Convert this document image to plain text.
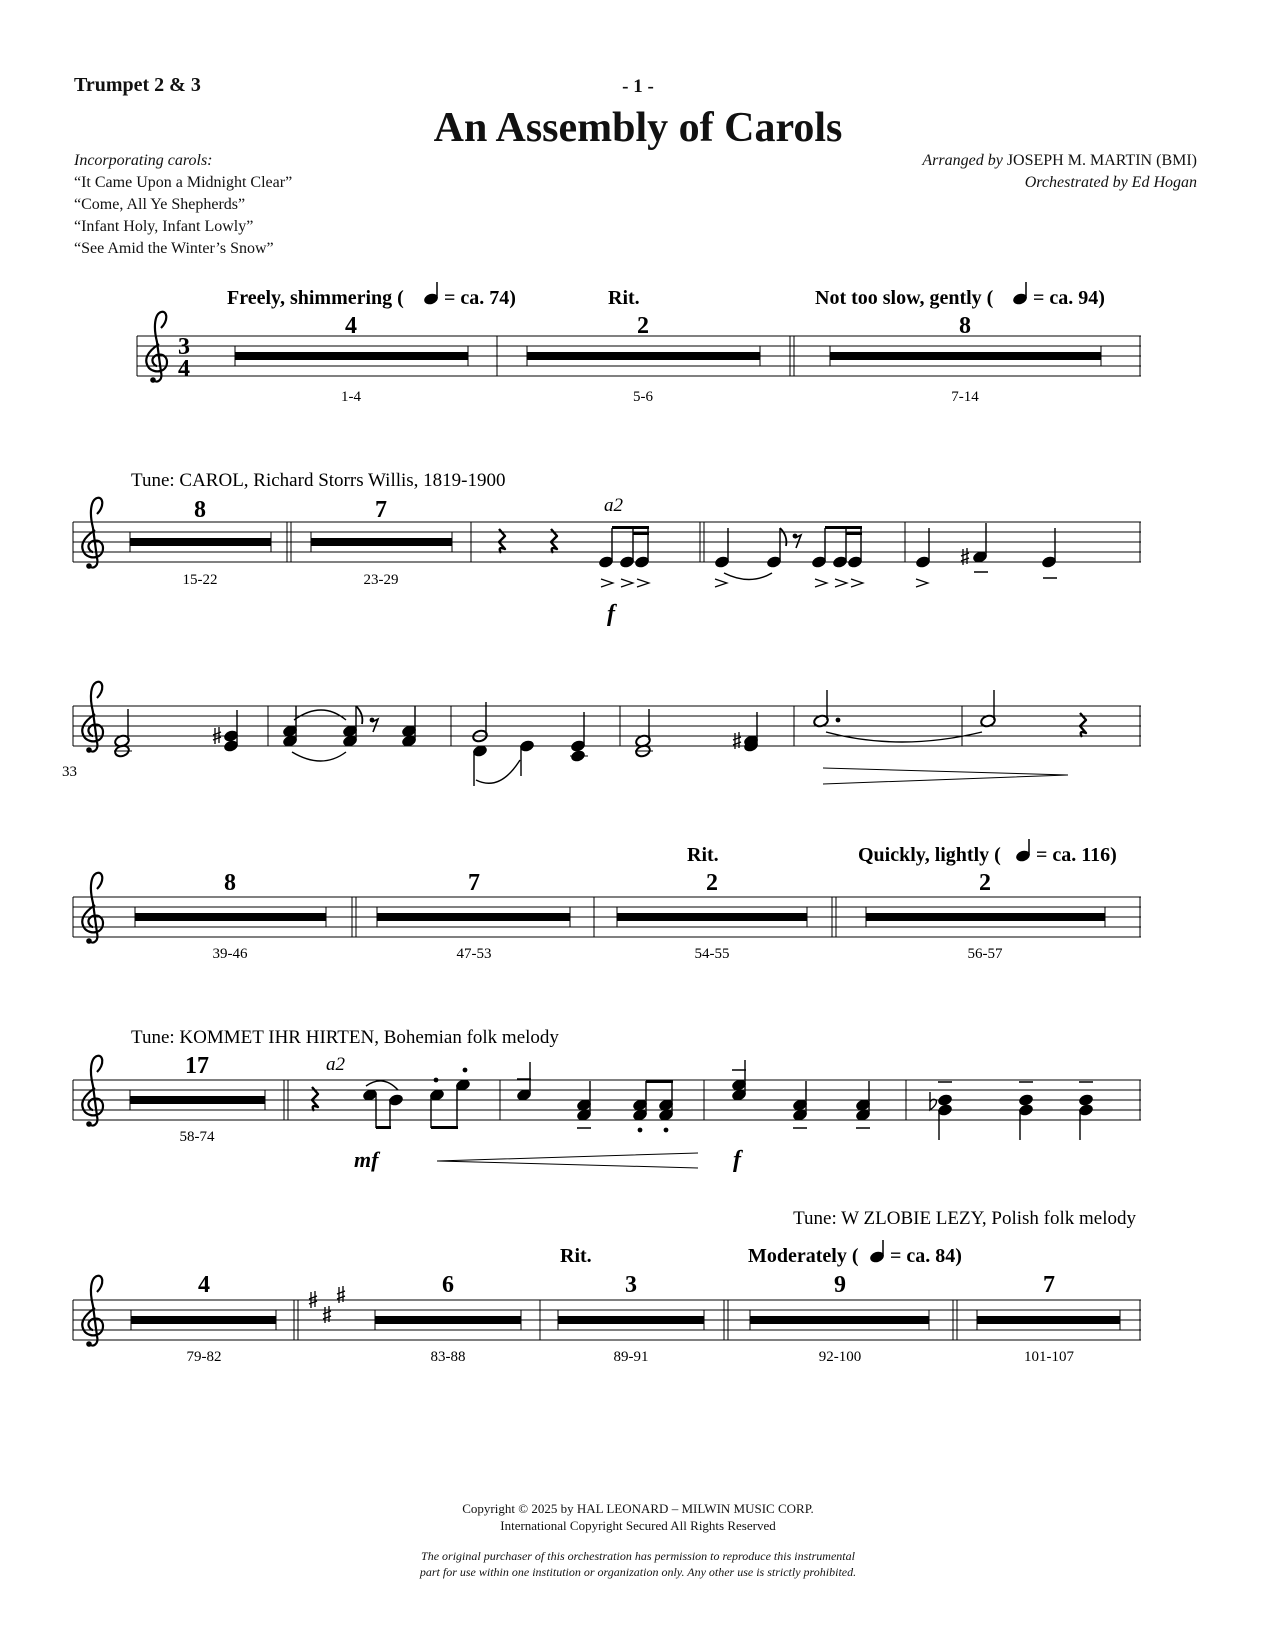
Trumpet 2 & 3	- 1 -
An Assembly of Carols
Incorporating carols:
“It Came Upon a Midnight Clear”
“Come, All Ye Shepherds”
“Infant Holy, Infant Lowly”
“See Amid the Winter’s Snow”
Arranged by JOSEPH M. MARTIN (BMI)
Orchestrated by Ed Hogan
3
4
4	2	8
1-4	5-6	7-14
Freely, shimmering ( = ca. 74)	Rit.	Not too slow, gently ( = ca. 94)
8	7
15-22	23-29
Tune: CAROL, Richard Storrs Willis, 1819-1900
a2
f
33
8	7	2	2
39-46	47-53	54-55	56-57
Rit.	Quickly, lightly ( = ca. 116)
17
58-74
Tune: KOMMET IHR HIRTEN, Bohemian folk melody
a2
mf	f
4	6	3	9	7
79-82	83-88	89-91	92-100	101-107
Tune: W ZLOBIE LEZY, Polish folk melody
Rit.	Moderately ( = ca. 84)
Copyright © 2025 by HAL LEONARD – MILWIN MUSIC CORP.
International Copyright Secured All Rights Reserved
The original purchaser of this orchestration has permission to reproduce this instrumental
part for use within one institution or organization only. Any other use is strictly prohibited.
